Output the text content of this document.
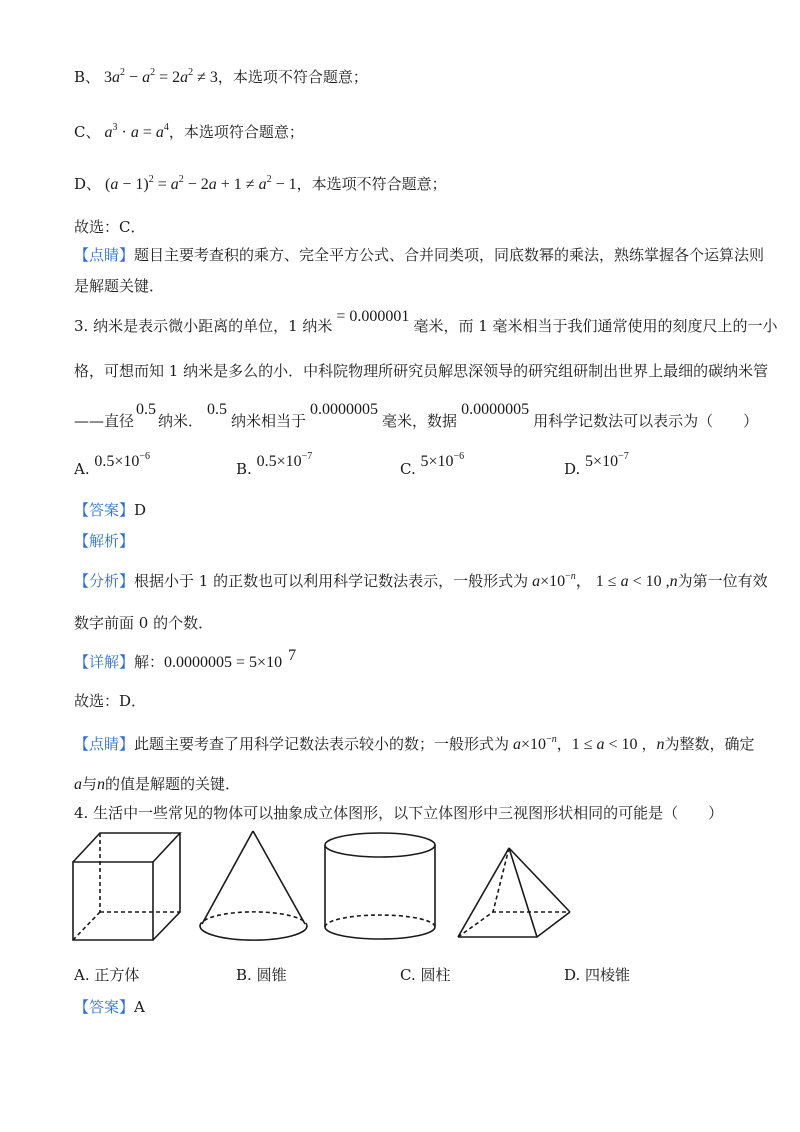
B、 $3a^2 - a^2 = 2a^2 \ne 3$，本选项不符合题意；
C、 $a^3 \cdot a = a^4$，本选项符合题意；
D、 $(a - 1)^2 = a^2 - 2a + 1 \ne a^2 - 1$，本选项不符合题意；
故选：C．
【点睛】题目主要考查积的乘方、完全平方公式、合并同类项，同底数幂的乘法，熟练掌握各个运算法则
是解题关键．
3. 纳米是表示微小距离的单位，1 纳米= 0.000001毫米，而 1 毫米相当于我们通常使用的刻度尺上的一小
格，可想而知 1 纳米是多么的小．中科院物理所研究员解思深领导的研究组研制出世界上最细的碳纳米管
——直径0.5纳米．0.5纳米相当于0.0000005毫米，数据0.0000005用科学记数法可以表示为（　　）
A. $0.5\times 10^{-6}$
B. $0.5\times 10^{-7}$
C. $5\times 10^{-6}$
D. $5\times 10^{-7}$
【答案】D
【解析】
【分析】根据小于 1 的正数也可以利用科学记数法表示，一般形式为 $a\times 10^{-n}$， 1 ≤ a < 10 ,n为第一位有效
数字前面 0 的个数．
【详解】解：0.0000005 = 5×10 $^7$
故选：D．
【点睛】此题主要考查了用科学记数法表示较小的数；一般形式为 $a\times 10^{-n}$，1 ≤ a < 10 ，n为整数，确定
a与n的值是解题的关键．
4. 生活中一些常见的物体可以抽象成立体图形，以下立体图形中三视图形状相同的可能是（　　）
A. 正方体	B. 圆锥	C. 圆柱	D. 四棱锥
【答案】A
